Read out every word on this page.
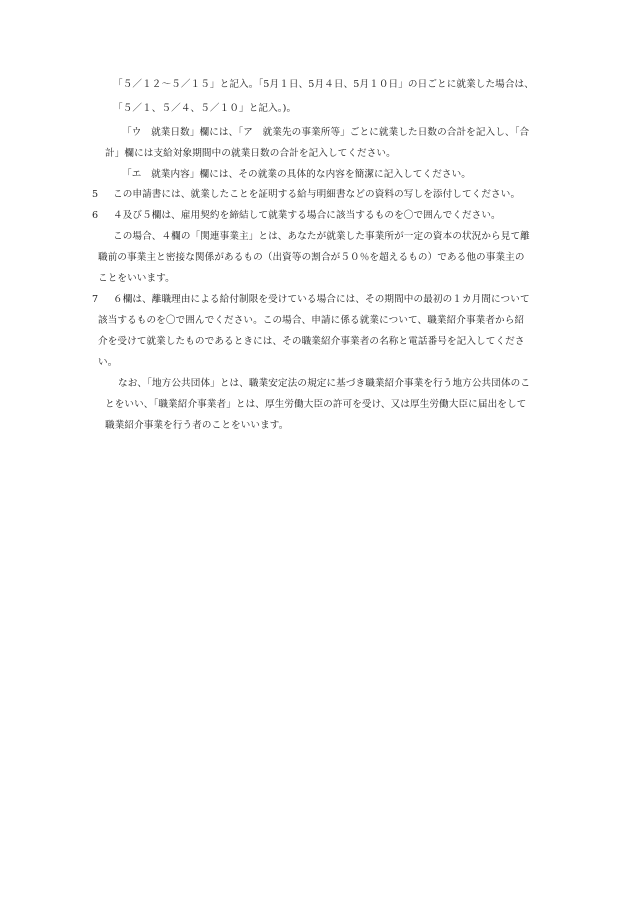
「５／１２～５／１５」と記入。「5月１日、5月４日、5月１０日」の日ごとに就業した場合は、
「５／１、５／４、５／１０」と記入。)。
「ウ　就業日数」欄には、「ア　就業先の事業所等」ごとに就業した日数の合計を記入し、「合
計」欄には支給対象期間中の就業日数の合計を記入してください。
「エ　就業内容」欄には、その就業の具体的な内容を簡潔に記入してください。
5 この申請書には、就業したことを証明する給与明細書などの資料の写しを添付してください。
6 ４及び５欄は、雇用契約を締結して就業する場合に該当するものを〇で囲んでください。
この場合、４欄の「関連事業主」とは、あなたが就業した事業所が一定の資本の状況から見て離
職前の事業主と密接な関係があるもの（出資等の割合が５０％を超えるもの）である他の事業主の
ことをいいます。
7 ６欄は、離職理由による給付制限を受けている場合には、その期間中の最初の１カ月間について
該当するものを〇で囲んでください。この場合、申請に係る就業について、職業紹介事業者から紹
介を受けて就業したものであるときには、その職業紹介事業者の名称と電話番号を記入してくださ
い。
なお、「地方公共団体」とは、職業安定法の規定に基づき職業紹介事業を行う地方公共団体のこ
とをいい、「職業紹介事業者」とは、厚生労働大臣の許可を受け、又は厚生労働大臣に届出をして
職業紹介事業を行う者のことをいいます。
